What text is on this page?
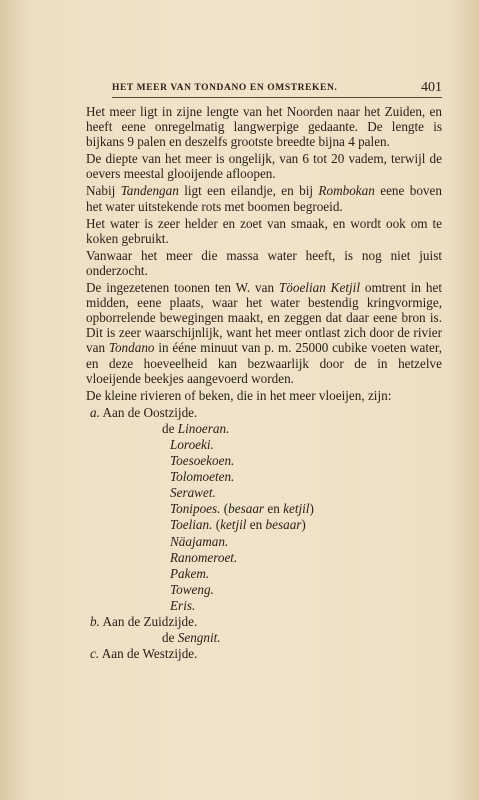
HET MEER VAN TONDANO EN OMSTREKEN.	401

Het meer ligt in zijne lengte van het Noorden naar het Zuiden, en heeft eene onregelmatig langwerpige gedaante. De lengte is bijkans 9 palen en deszelfs grootste breedte bijna 4 palen.

De diepte van het meer is ongelijk, van 6 tot 20 vadem, terwijl de oevers meestal glooijende afloopen.

Nabij Tandengan ligt een eilandje, en bij Rombokan eene boven het water uitstekende rots met boomen begroeid.

Het water is zeer helder en zoet van smaak, en wordt ook om te koken gebruikt.

Vanwaar het meer die massa water heeft, is nog niet juist onderzocht.

De ingezetenen toonen ten W. van Töoelian Ketjil omtrent in het midden, eene plaats, waar het water bestendig kringvormige, opborrelende bewegingen maakt, en zeggen dat daar eene bron is. Dit is zeer waarschijnlijk, want het meer ontlast zich door de rivier van Tondano in ééne minuut van p. m. 25000 cubike voeten water, en deze hoeveelheid kan bezwaarlijk door de in hetzelve vloeijende beekjes aangevoerd worden.

De kleine rivieren of beken, die in het meer vloeijen, zijn:

a. Aan de Oostzijde.
de Linoeran.
Loroeki.
Toesoekoen.
Tolomoeten.
Serawet.
Tonipoes. (besaar en ketjil)
Toelian. (ketjil en besaar)
Näajaman.
Ranomeroet.
Pakem.
Toweng.
Eris.
b. Aan de Zuidzijde.
de Sengnit.
c. Aan de Westzijde.
